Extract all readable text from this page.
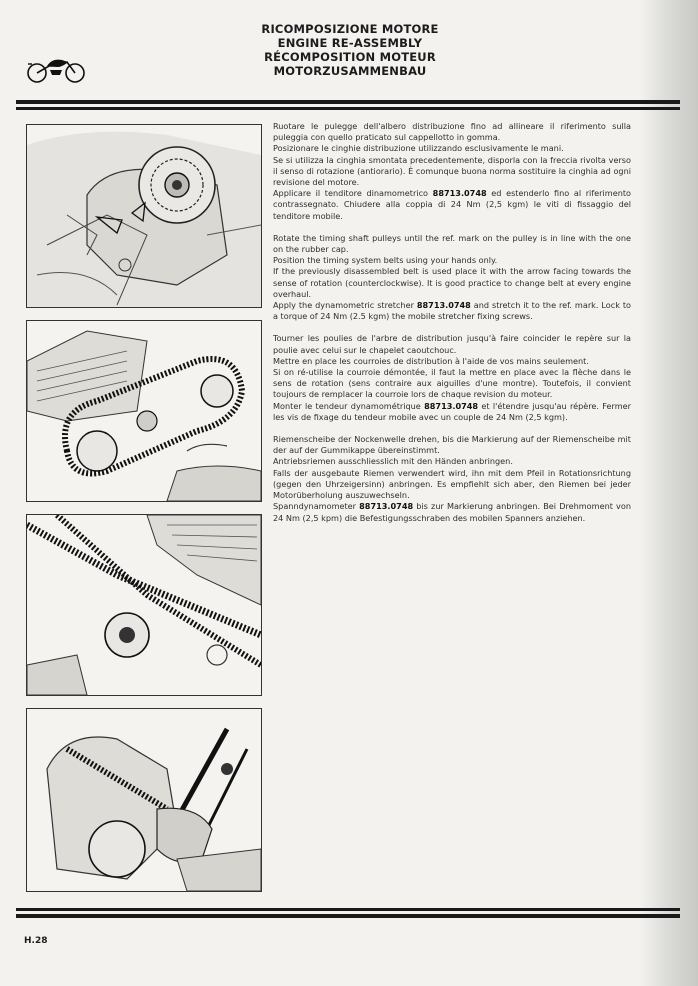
RICOMPOSIZIONE MOTORE
ENGINE RE-ASSEMBLY
RÉCOMPOSITION MOTEUR
MOTORZUSAMMENBAU

Ruotare le pulegge dell'albero distribuzione fino ad allineare il riferimento sulla puleggia con quello praticato sul cappellotto in gomma.
Posizionare le cinghie distribuzione utilizzando esclusivamente le mani.
Se si utilizza la cinghia smontata precedentemente, disporla con la freccia rivolta verso il senso di rotazione (antiorario). È comunque buona norma sostituire la cinghia ad ogni revisione del motore.
Applicare il tenditore dinamometrico 88713.0748 ed estenderlo fino al riferimento contrassegnato. Chiudere alla coppia di 24 Nm (2,5 kgm) le viti di fissaggio del tenditore mobile.

Rotate the timing shaft pulleys until the ref. mark on the pulley is in line with the one on the rubber cap.
Position the timing system belts using your hands only.
If the previously disassembled belt is used place it with the arrow facing towards the sense of rotation (counterclockwise). It is good practice to change belt at every engine overhaul.
Apply the dynamometric stretcher 88713.0748 and stretch it to the ref. mark. Lock to a torque of 24 Nm (2.5 kgm) the mobile stretcher fixing screws.

Tourner les poulies de l'arbre de distribution jusqu'à faire coincider le repère sur la poulie avec celui sur le chapelet caoutchouc.
Mettre en place les courroies de distribution à l'aide de vos mains seulement.
Si on ré-utilise la courroie démontée, il faut la mettre en place avec la flèche dans le sens de rotation (sens contraire aux aiguilles d'une montre). Toutefois, il convient toujours de remplacer la courroie lors de chaque revision du moteur.
Monter le tendeur dynamométrique 88713.0748 et l'étendre jusqu'au répère. Fermer les vis de fixage du tendeur mobile avec un couple de 24 Nm (2,5 kgm).

Riemenscheibe der Nockenwelle drehen, bis die Markierung auf der Riemenscheibe mit der auf der Gummikappe übereinstimmt.
Antriebsriemen ausschliesslich mit den Händen anbringen.
Falls der ausgebaute Riemen verwendert wird, ihn mit dem Pfeil in Rotationsrichtung (gegen den Uhrzeigersinn) anbringen. Es empfiehlt sich aber, den Riemen bei jeder Motorüberholung auszuwechseln.
Spanndynamometer 88713.0748 bis zur Markierung anbringen. Bei Drehmoment von 24 Nm (2,5 kpm) die Befestigungsschraben des mobilen Spanners anziehen.

H.28
